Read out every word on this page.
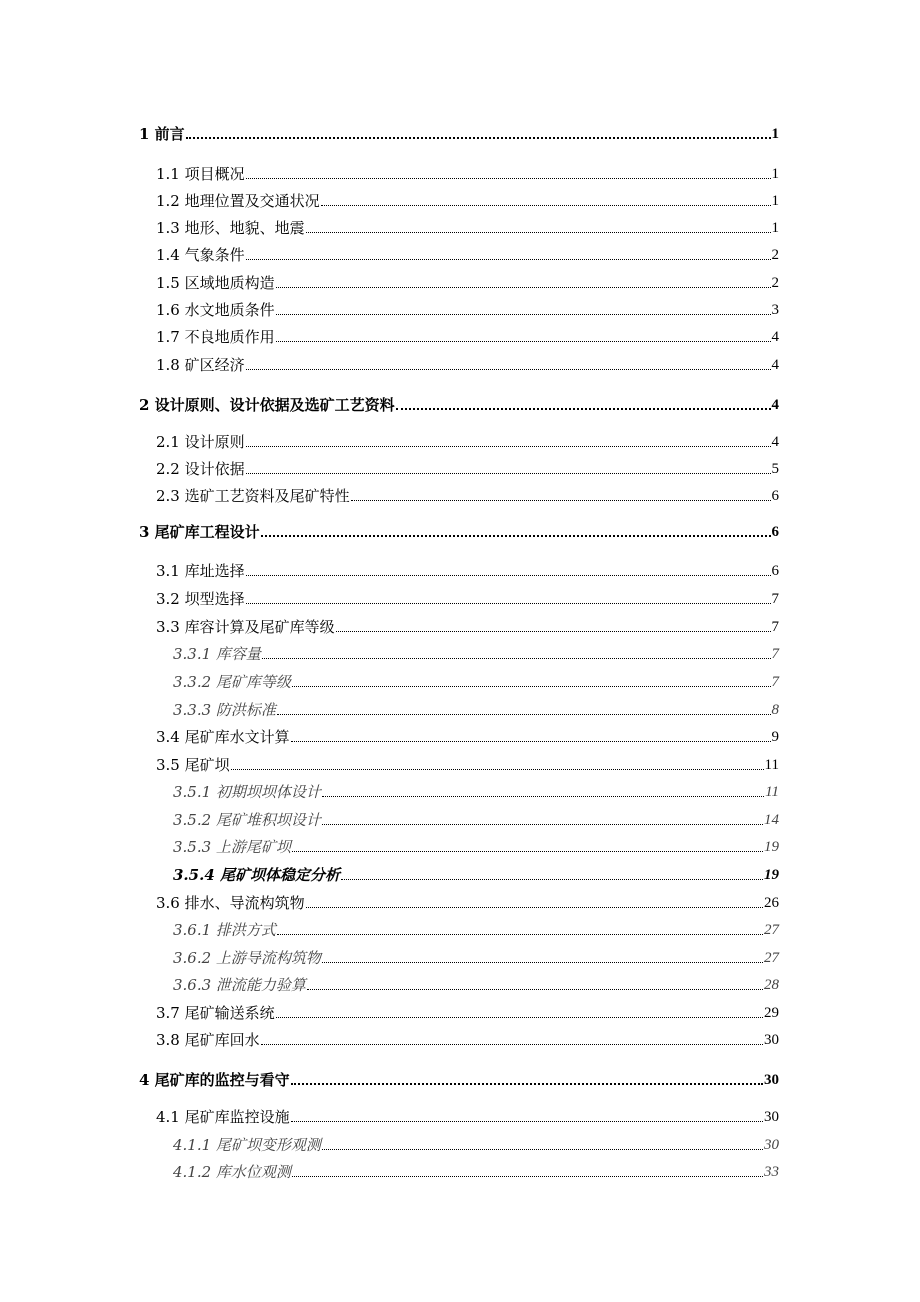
1 前言	1
1.1 项目概况	1
1.2 地理位置及交通状况	1
1.3 地形、地貌、地震	1
1.4 气象条件	2
1.5 区域地质构造	2
1.6 水文地质条件	3
1.7 不良地质作用	4
1.8 矿区经济	4
2 设计原则、设计依据及选矿工艺资料	4
2.1 设计原则	4
2.2 设计依据	5
2.3 选矿工艺资料及尾矿特性	6
3 尾矿库工程设计	6
3.1 库址选择	6
3.2 坝型选择	7
3.3 库容计算及尾矿库等级	7
3.3.1 库容量	7
3.3.2 尾矿库等级	7
3.3.3 防洪标准	8
3.4 尾矿库水文计算	9
3.5 尾矿坝	11
3.5.1 初期坝坝体设计	11
3.5.2 尾矿堆积坝设计	14
3.5.3 上游尾矿坝	19
3.5.4 尾矿坝体稳定分析	19
3.6 排水、导流构筑物	26
3.6.1 排洪方式	27
3.6.2 上游导流构筑物	27
3.6.3 泄流能力验算	28
3.7 尾矿输送系统	29
3.8 尾矿库回水	30
4 尾矿库的监控与看守	30
4.1 尾矿库监控设施	30
4.1.1 尾矿坝变形观测	30
4.1.2 库水位观测	33
